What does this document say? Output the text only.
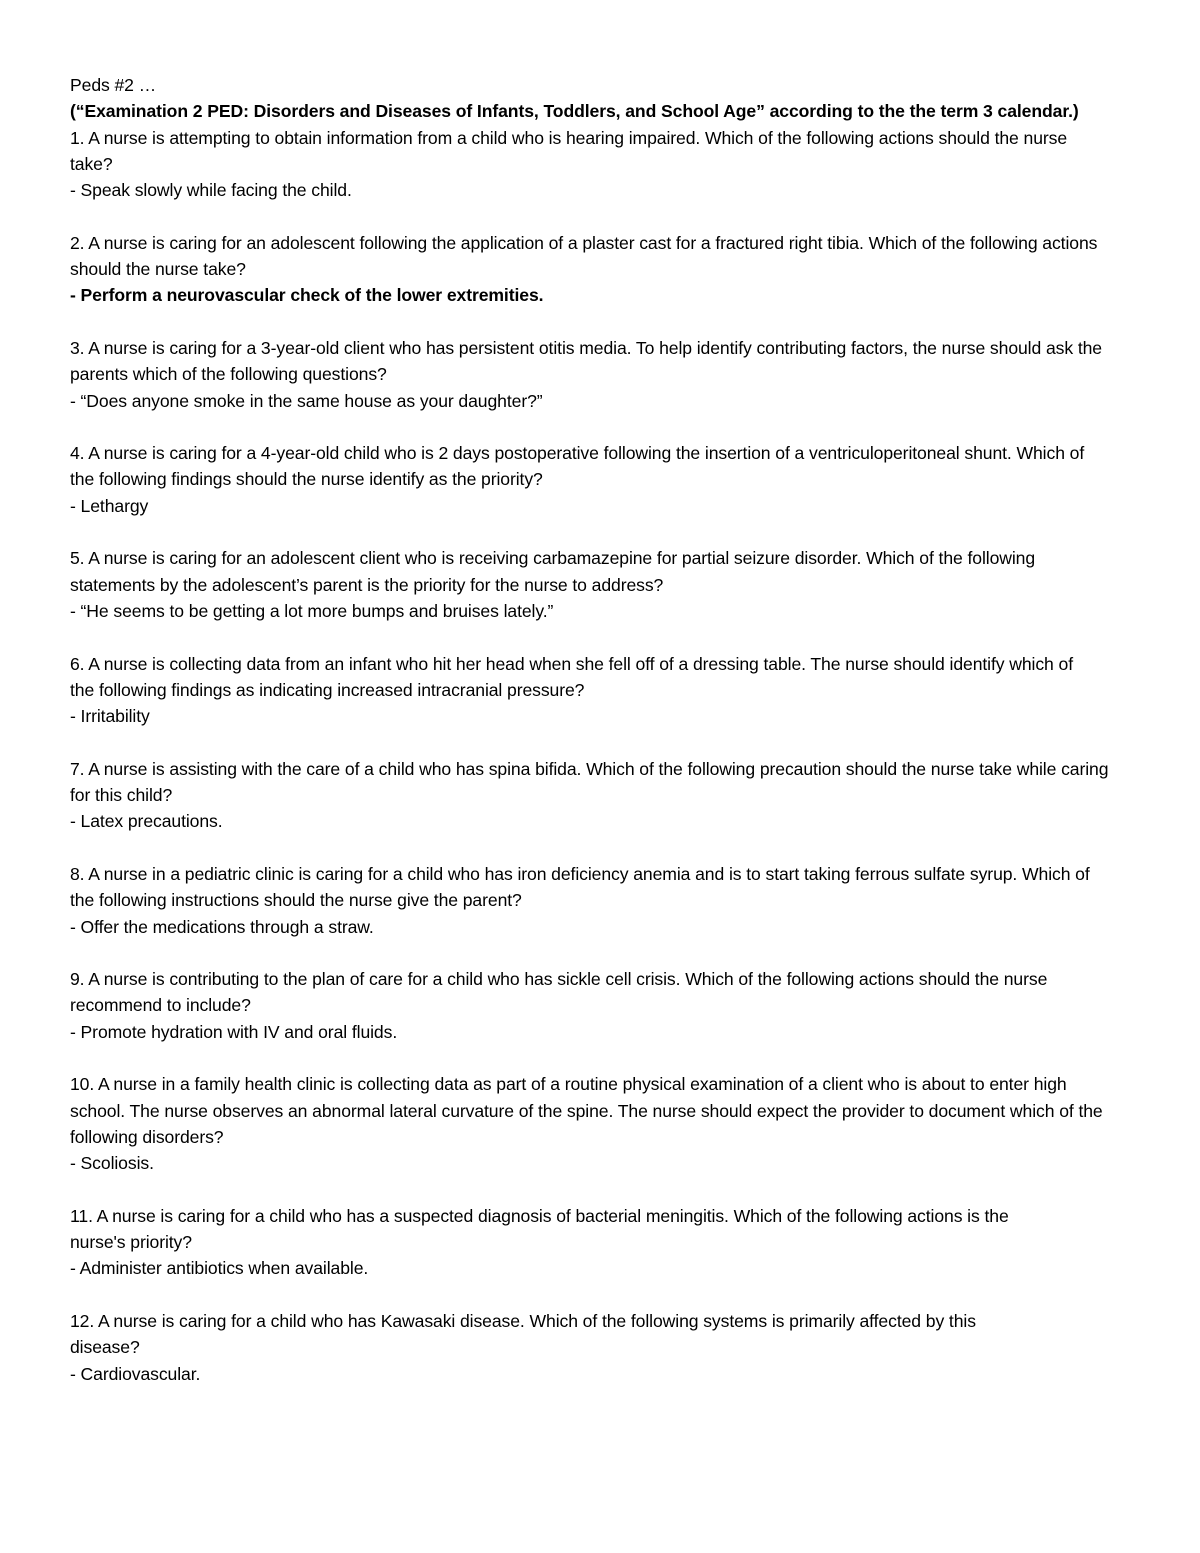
Peds #2 …

(“Examination 2 PED: Disorders and Diseases of Infants, Toddlers, and School Age” according to the the term 3 calendar.)

1. A nurse is attempting to obtain information from a child who is hearing impaired. Which of the following actions should the nurse take?

- Speak slowly while facing the child.

2. A nurse is caring for an adolescent following the application of a plaster cast for a fractured right tibia. Which of the following actions should the nurse take?

- Perform a neurovascular check of the lower extremities.

3. A nurse is caring for a 3-year-old client who has persistent otitis media. To help identify contributing factors, the nurse should ask the parents which of the following questions?

- “Does anyone smoke in the same house as your daughter?”

4. A nurse is caring for a 4-year-old child who is 2 days postoperative following the insertion of a ventriculoperitoneal shunt. Which of the following findings should the nurse identify as the priority?

- Lethargy

5. A nurse is caring for an adolescent client who is receiving carbamazepine for partial seizure disorder. Which of the following statements by the adolescent’s parent is the priority for the nurse to address?

- “He seems to be getting a lot more bumps and bruises lately.”

6. A nurse is collecting data from an infant who hit her head when she fell off of a dressing table. The nurse should identify which of the following findings as indicating increased intracranial pressure?

- Irritability

7. A nurse is assisting with the care of a child who has spina bifida. Which of the following precaution should the nurse take while caring for this child?

- Latex precautions.

8. A nurse in a pediatric clinic is caring for a child who has iron deficiency anemia and is to start taking ferrous sulfate syrup. Which of the following instructions should the nurse give the parent?

- Offer the medications through a straw.

9. A nurse is contributing to the plan of care for a child who has sickle cell crisis. Which of the following actions should the nurse recommend to include?

- Promote hydration with IV and oral fluids.

10. A nurse in a family health clinic is collecting data as part of a routine physical examination of a client who is about to enter high school. The nurse observes an abnormal lateral curvature of the spine. The nurse should expect the provider to document which of the following disorders?

- Scoliosis.

11. A nurse is caring for a child who has a suspected diagnosis of bacterial meningitis. Which of the following actions is the nurse's priority?

- Administer antibiotics when available.

12. A nurse is caring for a child who has Kawasaki disease. Which of the following systems is primarily affected by this disease?

- Cardiovascular.
